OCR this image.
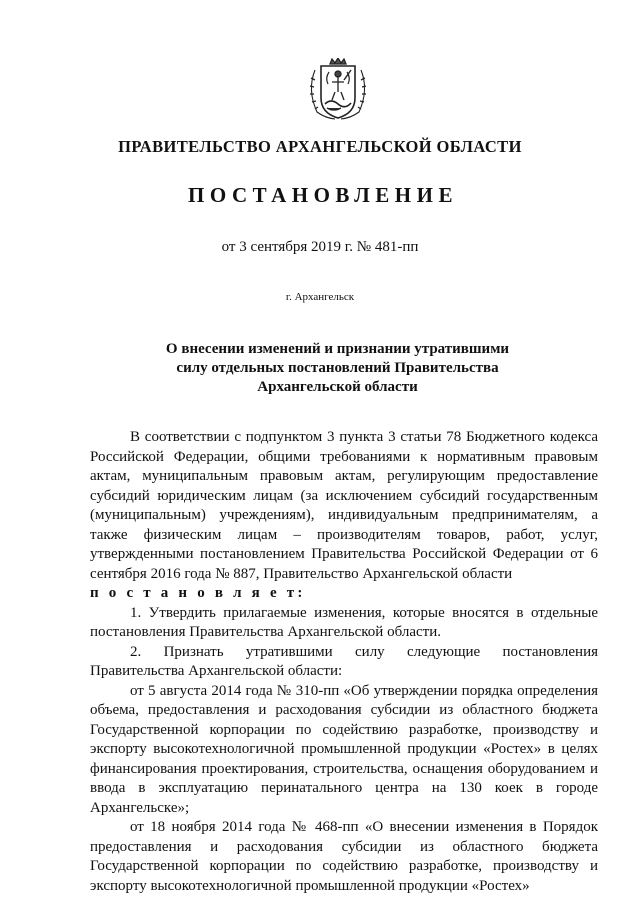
ПРАВИТЕЛЬСТВО АРХАНГЕЛЬСКОЙ ОБЛАСТИ
ПОСТАНОВЛЕНИЕ
от 3 сентября 2019 г. № 481-пп
г. Архангельск
О внесении изменений и признании утратившими
силу отдельных постановлений Правительства
Архангельской области

В соответствии с подпунктом 3 пункта 3 статьи 78 Бюджетного кодекса Российской Федерации, общими требованиями к нормативным правовым актам, муниципальным правовым актам, регулирующим предоставление субсидий юридическим лицам (за исключением субсидий государственным (муниципальным) учреждениям), индивидуальным предпринимателям, а также физическим лицам – производителям товаров, работ, услуг, утвержденными постановлением Правительства Российской Федерации от 6 сентября 2016 года № 887, Правительство Архангельской области

п о с т а н о в л я е т:

1. Утвердить прилагаемые изменения, которые вносятся в отдельные постановления Правительства Архангельской области.

2. Признать утратившими силу следующие постановления Правительства Архангельской области:

от 5 августа 2014 года № 310-пп «Об утверждении порядка определения объема, предоставления и расходования субсидии из областного бюджета Государственной корпорации по содействию разработке, производству и экспорту высокотехнологичной промышленной продукции «Ростех» в целях финансирования проектирования, строительства, оснащения оборудованием и ввода в эксплуатацию перинатального центра на 130 коек в городе Архангельске»;

от 18 ноября 2014 года № 468-пп «О внесении изменения в Порядок предоставления и расходования субсидии из областного бюджета Государственной корпорации по содействию разработке, производству и экспорту высокотехнологичной промышленной продукции «Ростех»
